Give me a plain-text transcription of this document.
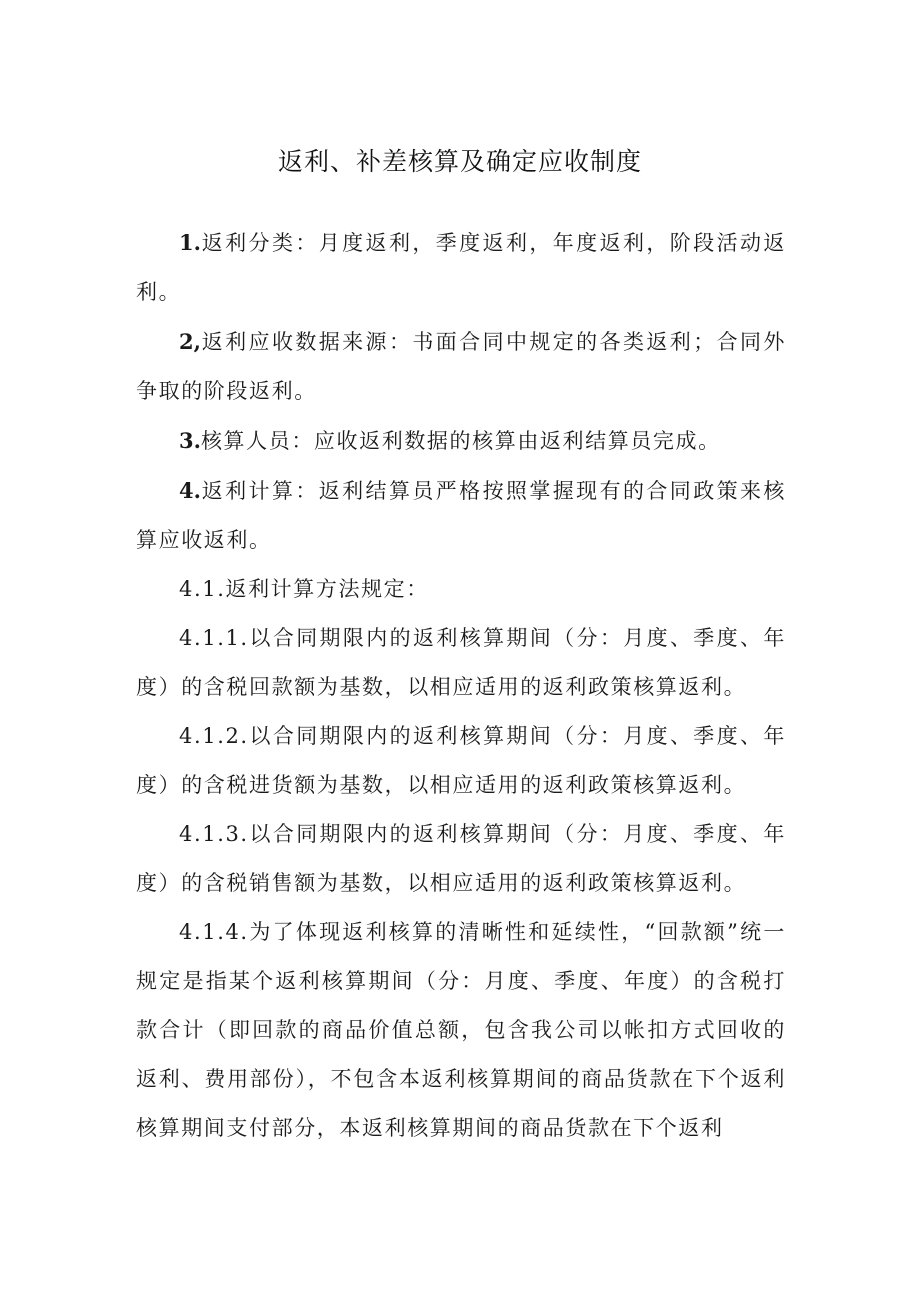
返利、补差核算及确定应收制度

1.返利分类：月度返利，季度返利，年度返利，阶段活动返利。

2,返利应收数据来源：书面合同中规定的各类返利；合同外争取的阶段返利。

3.核算人员：应收返利数据的核算由返利结算员完成。

4.返利计算：返利结算员严格按照掌握现有的合同政策来核算应收返利。

4.1.返利计算方法规定：

4.1.1.以合同期限内的返利核算期间（分：月度、季度、年度）的含税回款额为基数，以相应适用的返利政策核算返利。

4.1.2.以合同期限内的返利核算期间（分：月度、季度、年度）的含税进货额为基数，以相应适用的返利政策核算返利。

4.1.3.以合同期限内的返利核算期间（分：月度、季度、年度）的含税销售额为基数，以相应适用的返利政策核算返利。

4.1.4.为了体现返利核算的清晰性和延续性，“回款额”统一规定是指某个返利核算期间（分：月度、季度、年度）的含税打款合计（即回款的商品价值总额，包含我公司以帐扣方式回收的返利、费用部份），不包含本返利核算期间的商品货款在下个返利核算期间支付部分，本返利核算期间的商品货款在下个返利
